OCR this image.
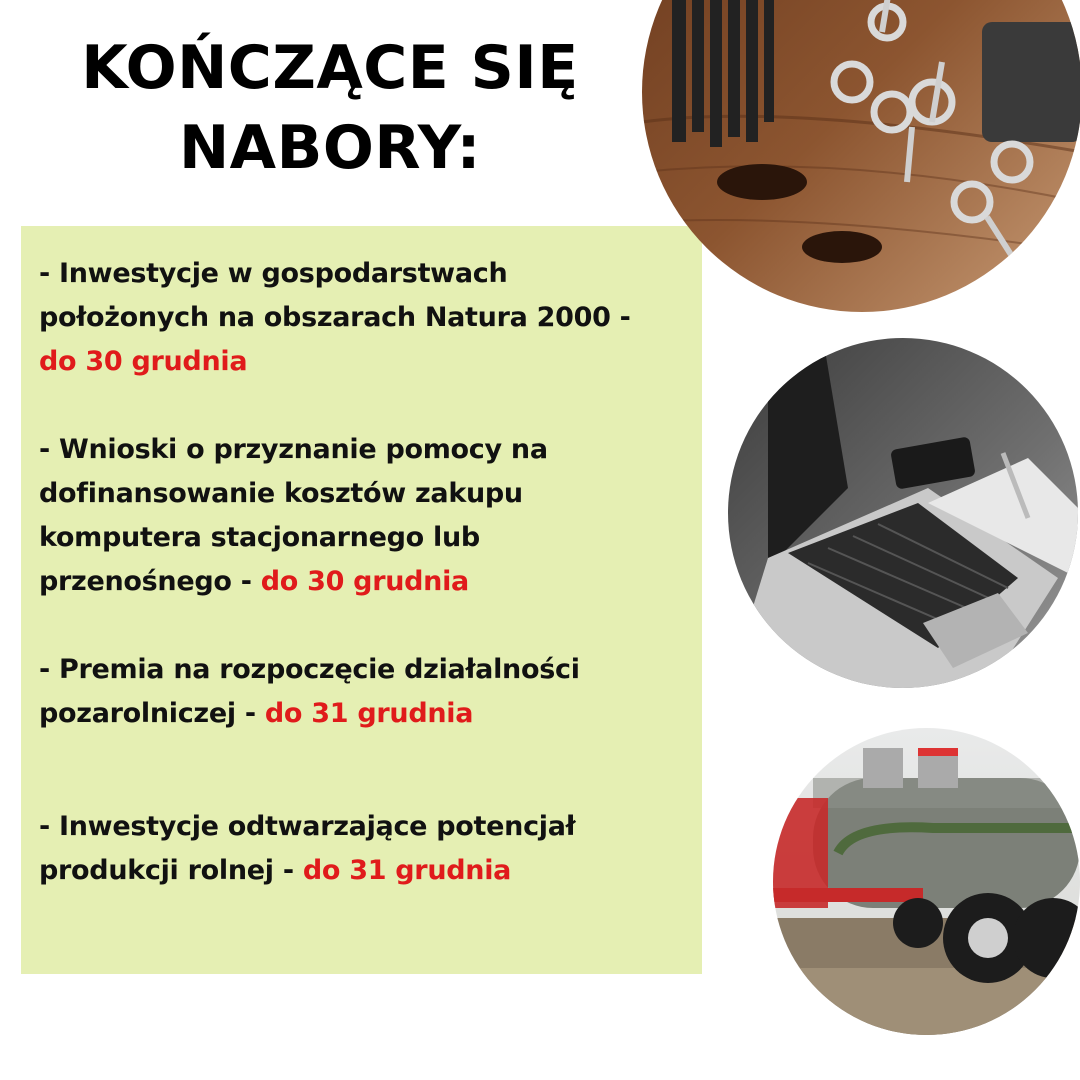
KOŃCZĄCE SIĘ
NABORY:
- Inwestycje w gospodarstwach
położonych na obszarach Natura 2000 -
do 30 grudnia
- Wnioski o przyznanie pomocy na
dofinansowanie kosztów zakupu
komputera stacjonarnego lub
przenośnego - do 30 grudnia
- Premia na rozpoczęcie działalności
pozarolniczej - do 31 grudnia
- Inwestycje odtwarzające potencjał
produkcji rolnej - do 31 grudnia
